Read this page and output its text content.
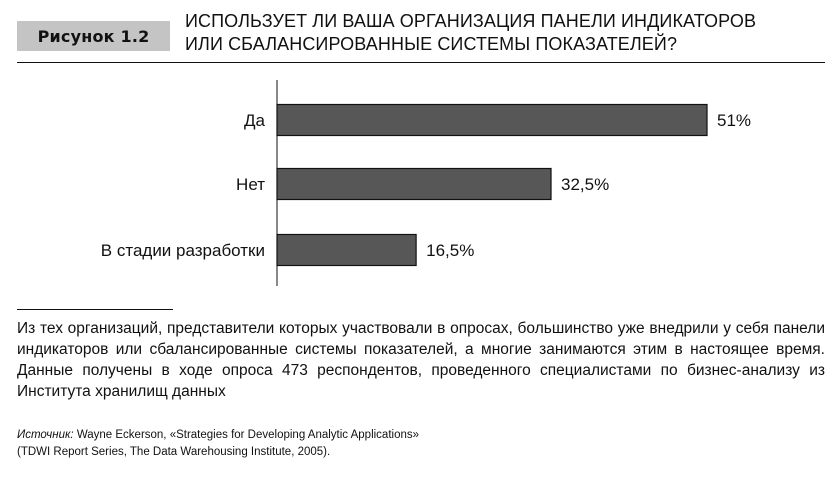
Рисунок 1.2
ИСПОЛЬЗУЕТ ЛИ ВАША ОРГАНИЗАЦИЯ ПАНЕЛИ ИНДИКАТОРОВ
ИЛИ СБАЛАНСИРОВАННЫЕ СИСТЕМЫ ПОКАЗАТЕЛЕЙ?
Да	51%
Нет	32,5%
В стадии разработки	16,5%
Из тех организаций, представители которых участвовали в опросах, большинство уже внедрили у себя панели индикаторов или сбалансированные системы показателей, а многие занимаются этим в настоящее время. Данные получены в ходе опроса 473 респондентов, проведенного специалистами по бизнес-анализу из Института хранилищ данных
Источник: Wayne Eckerson, «Strategies for Developing Analytic Applications»
(TDWI Report Series, The Data Warehousing Institute, 2005).
